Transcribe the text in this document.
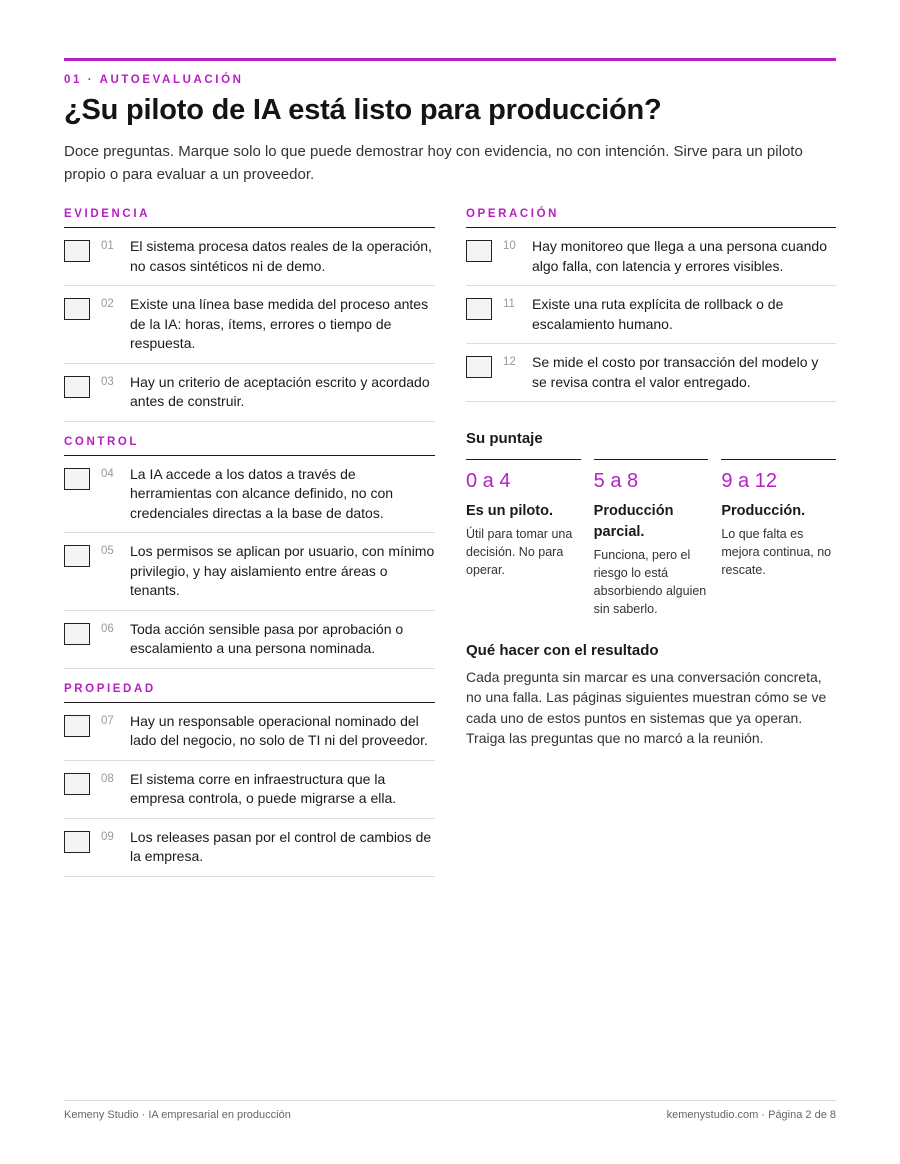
01 · AUTOEVALUACIÓN
¿Su piloto de IA está listo para producción?
Doce preguntas. Marque solo lo que puede demostrar hoy con evidencia, no con intención. Sirve para un piloto propio o para evaluar a un proveedor.
EVIDENCIA
01	El sistema procesa datos reales de la operación, no casos sintéticos ni de demo.
02	Existe una línea base medida del proceso antes de la IA: horas, ítems, errores o tiempo de respuesta.
03	Hay un criterio de aceptación escrito y acordado antes de construir.
CONTROL
04	La IA accede a los datos a través de herramientas con alcance definido, no con credenciales directas a la base de datos.
05	Los permisos se aplican por usuario, con mínimo privilegio, y hay aislamiento entre áreas o tenants.
06	Toda acción sensible pasa por aprobación o escalamiento a una persona nominada.
PROPIEDAD
07	Hay un responsable operacional nominado del lado del negocio, no solo de TI ni del proveedor.
08	El sistema corre en infraestructura que la empresa controla, o puede migrarse a ella.
09	Los releases pasan por el control de cambios de la empresa.
OPERACIÓN
10	Hay monitoreo que llega a una persona cuando algo falla, con latencia y errores visibles.
11	Existe una ruta explícita de rollback o de escalamiento humano.
12	Se mide el costo por transacción del modelo y se revisa contra el valor entregado.
Su puntaje
0 a 4
Es un piloto.
Útil para tomar una decisión. No para operar.
5 a 8
Producción parcial.
Funciona, pero el riesgo lo está absorbiendo alguien sin saberlo.
9 a 12
Producción.
Lo que falta es mejora continua, no rescate.
Qué hacer con el resultado
Cada pregunta sin marcar es una conversación concreta, no una falla. Las páginas siguientes muestran cómo se ve cada uno de estos puntos en sistemas que ya operan. Traiga las preguntas que no marcó a la reunión.
Kemeny Studio · IA empresarial en producción	kemenystudio.com · Página 2 de 8
